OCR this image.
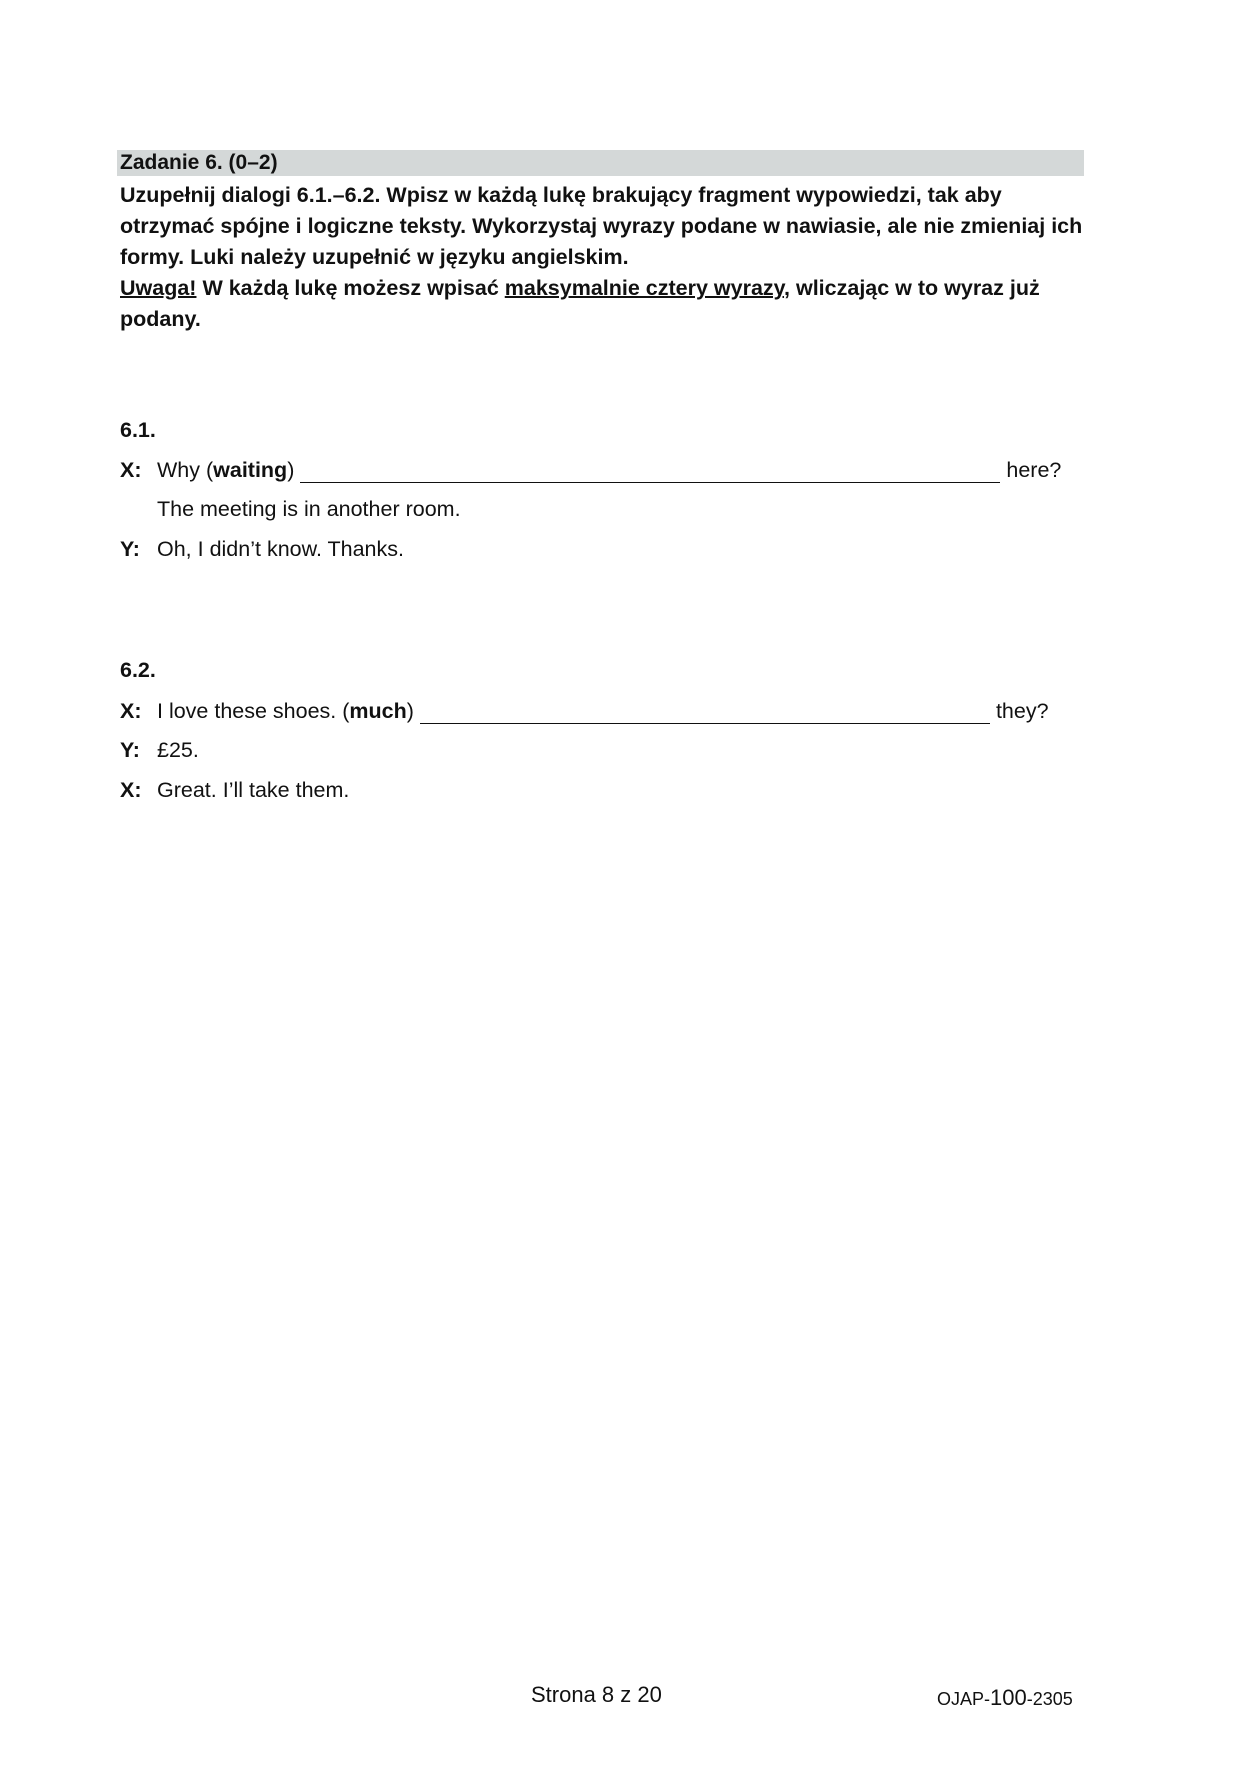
Zadanie 6. (0–2)
Uzupełnij dialogi 6.1.–6.2. Wpisz w każdą lukę brakujący fragment wypowiedzi, tak aby otrzymać spójne i logiczne teksty. Wykorzystaj wyrazy podane w nawiasie, ale nie zmieniaj ich formy. Luki należy uzupełnić w języku angielskim.
Uwaga! W każdą lukę możesz wpisać maksymalnie cztery wyrazy, wliczając w to wyraz już podany.
6.1.
X: Why (waiting)	here?
The meeting is in another room.
Y: Oh, I didn’t know. Thanks.
6.2.
X: I love these shoes. (much)	they?
Y: £25.
X: Great. I’ll take them.
Strona 8 z 20	OJAP-100-2305
